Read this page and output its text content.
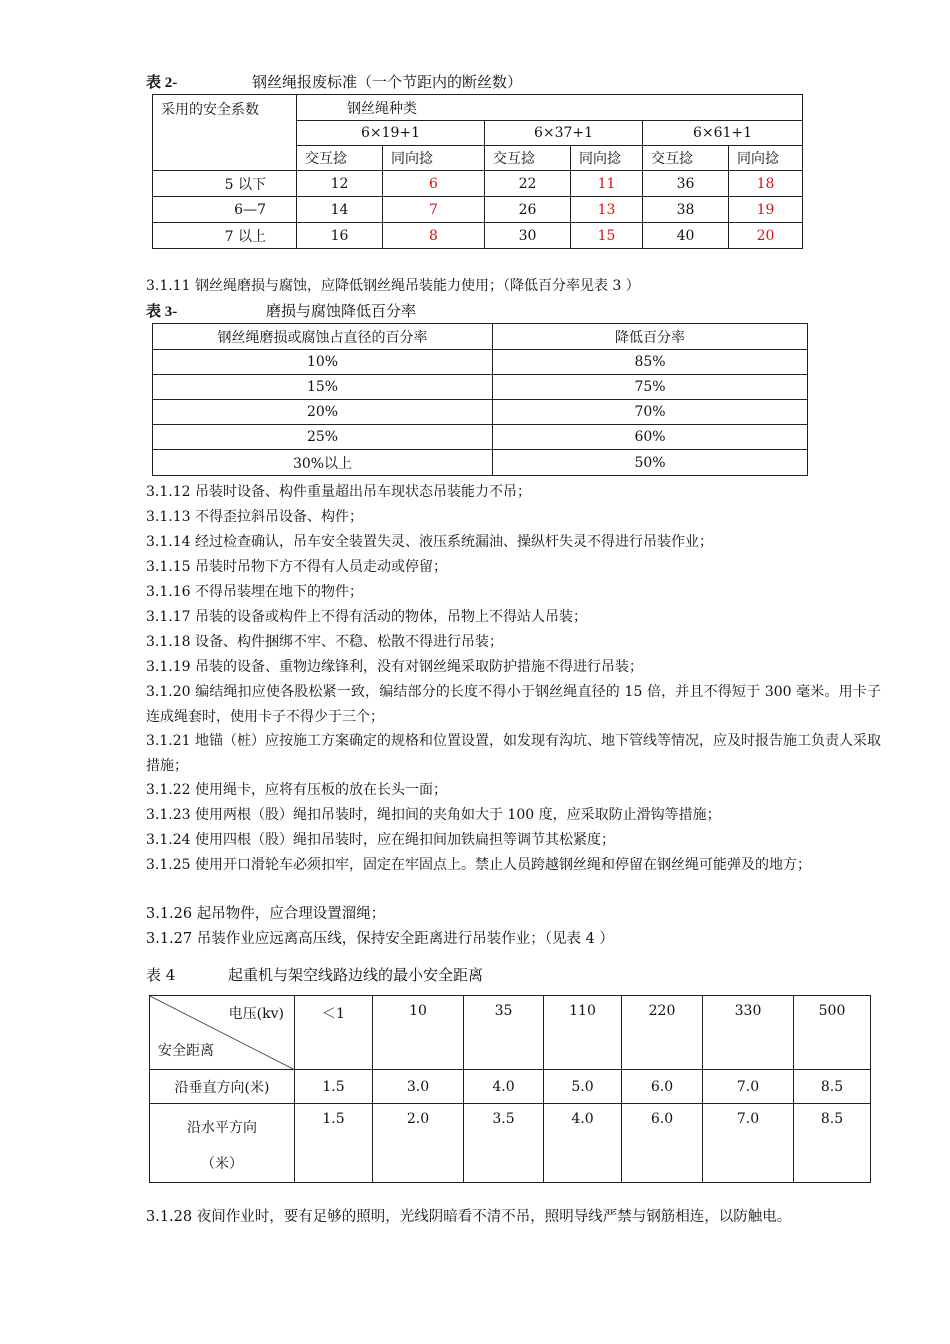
表 2-	钢丝绳报废标准（一个节距内的断丝数）
采用的安全系数	钢丝绳种类					
	6×19+1		6×37+1		6×61+1	
	交互捻	同向捻	交互捻	同向捻	交互捻	同向捻
5 以下	12	6	22	11	36	18
6—7	14	7	26	13	38	19
7 以上	16	8	30	15	40	20
3.1.11 钢丝绳磨损与腐蚀，应降低钢丝绳吊装能力使用；（降低百分率见表 3 ）
表 3-	磨损与腐蚀降低百分率
钢丝绳磨损或腐蚀占直径的百分率	降低百分率
10%	85%
15%	75%
20%	70%
25%	60%
30%以上	50%
3.1.12 吊装时设备、构件重量超出吊车现状态吊装能力不吊；
3.1.13 不得歪拉斜吊设备、构件；
3.1.14 经过检查确认，吊车安全装置失灵、液压系统漏油、操纵杆失灵不得进行吊装作业；
3.1.15 吊装时吊物下方不得有人员走动或停留；
3.1.16 不得吊装埋在地下的物件；
3.1.17 吊装的设备或构件上不得有活动的物体，吊物上不得站人吊装；
3.1.18 设备、构件捆绑不牢、不稳、松散不得进行吊装；
3.1.19 吊装的设备、重物边缘锋利，没有对钢丝绳采取防护措施不得进行吊装；
3.1.20 编结绳扣应使各股松紧一致，编结部分的长度不得小于钢丝绳直径的 15 倍，并且不得短于 300 毫米。用卡子连成绳套时，使用卡子不得少于三个；
3.1.21 地锚（桩）应按施工方案确定的规格和位置设置，如发现有沟坑、地下管线等情况，应及时报告施工负责人采取措施；
3.1.22 使用绳卡，应将有压板的放在长头一面；
3.1.23 使用两根（股）绳扣吊装时，绳扣间的夹角如大于 100 度，应采取防止滑钩等措施；
3.1.24 使用四根（股）绳扣吊装时，应在绳扣间加铁扁担等调节其松紧度；
3.1.25 使用开口滑轮车必须扣牢，固定在牢固点上。禁止人员跨越钢丝绳和停留在钢丝绳可能弹及的地方；
3.1.26 起吊物件，应合理设置溜绳；
3.1.27 吊装作业应远离高压线，保持安全距离进行吊装作业；（见表 4 ）
表 4	起重机与架空线路边线的最小安全距离
电压(kv)
安全距离	＜1	10	35	110	220	330	500
沿垂直方向(米)	1.5	3.0	4.0	5.0	6.0	7.0	8.5

沿水平方向
（米）	1.5	2.0	3.5	4.0	6.0	7.0	8.5
3.1.28 夜间作业时，要有足够的照明，光线阴暗看不清不吊，照明导线严禁与钢筋相连，以防触电。
